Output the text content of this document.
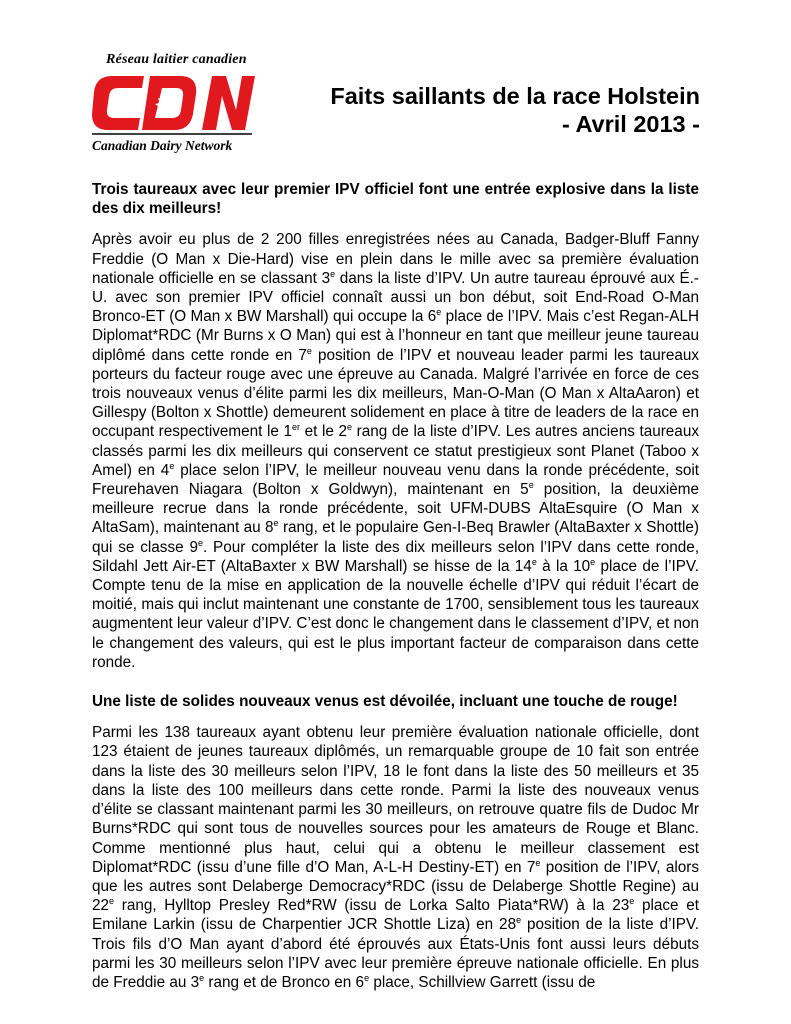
Réseau laitier canadien
Canadian Dairy Network
Faits saillants de la race Holstein
- Avril 2013 -
Trois taureaux avec leur premier IPV officiel font une entrée explosive dans la liste des dix meilleurs!
Après avoir eu plus de 2 200 filles enregistrées nées au Canada, Badger-Bluff Fanny Freddie (O Man x Die-Hard) vise en plein dans le mille avec sa première évaluation nationale officielle en se classant 3e dans la liste d’IPV. Un autre taureau éprouvé aux É.-U. avec son premier IPV officiel connaît aussi un bon début, soit End-Road O-Man Bronco-ET (O Man x BW Marshall) qui occupe la 6e place de l’IPV. Mais c’est Regan-ALH Diplomat*RDC (Mr Burns x O Man) qui est à l’honneur en tant que meilleur jeune taureau diplômé dans cette ronde en 7e position de l’IPV et nouveau leader parmi les taureaux porteurs du facteur rouge avec une épreuve au Canada. Malgré l’arrivée en force de ces trois nouveaux venus d’élite parmi les dix meilleurs, Man-O-Man (O Man x AltaAaron) et Gillespy (Bolton x Shottle) demeurent solidement en place à titre de leaders de la race en occupant respectivement le 1er et le 2e rang de la liste d’IPV. Les autres anciens taureaux classés parmi les dix meilleurs qui conservent ce statut prestigieux sont Planet (Taboo x Amel) en 4e place selon l’IPV, le meilleur nouveau venu dans la ronde précédente, soit Freurehaven Niagara (Bolton x Goldwyn), maintenant en 5e position, la deuxième meilleure recrue dans la ronde précédente, soit UFM-DUBS AltaEsquire (O Man x AltaSam), maintenant au 8e rang, et le populaire Gen-I-Beq Brawler (AltaBaxter x Shottle) qui se classe 9e. Pour compléter la liste des dix meilleurs selon l’IPV dans cette ronde, Sildahl Jett Air-ET (AltaBaxter x BW Marshall) se hisse de la 14e à la 10e place de l’IPV. Compte tenu de la mise en application de la nouvelle échelle d’IPV qui réduit l’écart de moitié, mais qui inclut maintenant une constante de 1700, sensiblement tous les taureaux augmentent leur valeur d’IPV. C’est donc le changement dans le classement d’IPV, et non le changement des valeurs, qui est le plus important facteur de comparaison dans cette ronde.
Une liste de solides nouveaux venus est dévoilée, incluant une touche de rouge!
Parmi les 138 taureaux ayant obtenu leur première évaluation nationale officielle, dont 123 étaient de jeunes taureaux diplômés, un remarquable groupe de 10 fait son entrée dans la liste des 30 meilleurs selon l’IPV, 18 le font dans la liste des 50 meilleurs et 35 dans la liste des 100 meilleurs dans cette ronde. Parmi la liste des nouveaux venus d’élite se classant maintenant parmi les 30 meilleurs, on retrouve quatre fils de Dudoc Mr Burns*RDC qui sont tous de nouvelles sources pour les amateurs de Rouge et Blanc. Comme mentionné plus haut, celui qui a obtenu le meilleur classement est Diplomat*RDC (issu d’une fille d’O Man, A-L-H Destiny-ET) en 7e position de l’IPV, alors que les autres sont Delaberge Democracy*RDC (issu de Delaberge Shottle Regine) au 22e rang, Hylltop Presley Red*RW (issu de Lorka Salto Piata*RW) à la 23e place et Emilane Larkin (issu de Charpentier JCR Shottle Liza) en 28e position de la liste d’IPV. Trois fils d’O Man ayant d’abord été éprouvés aux États-Unis font aussi leurs débuts parmi les 30 meilleurs selon l’IPV avec leur première épreuve nationale officielle. En plus de Freddie au 3e rang et de Bronco en 6e place, Schillview Garrett (issu de
